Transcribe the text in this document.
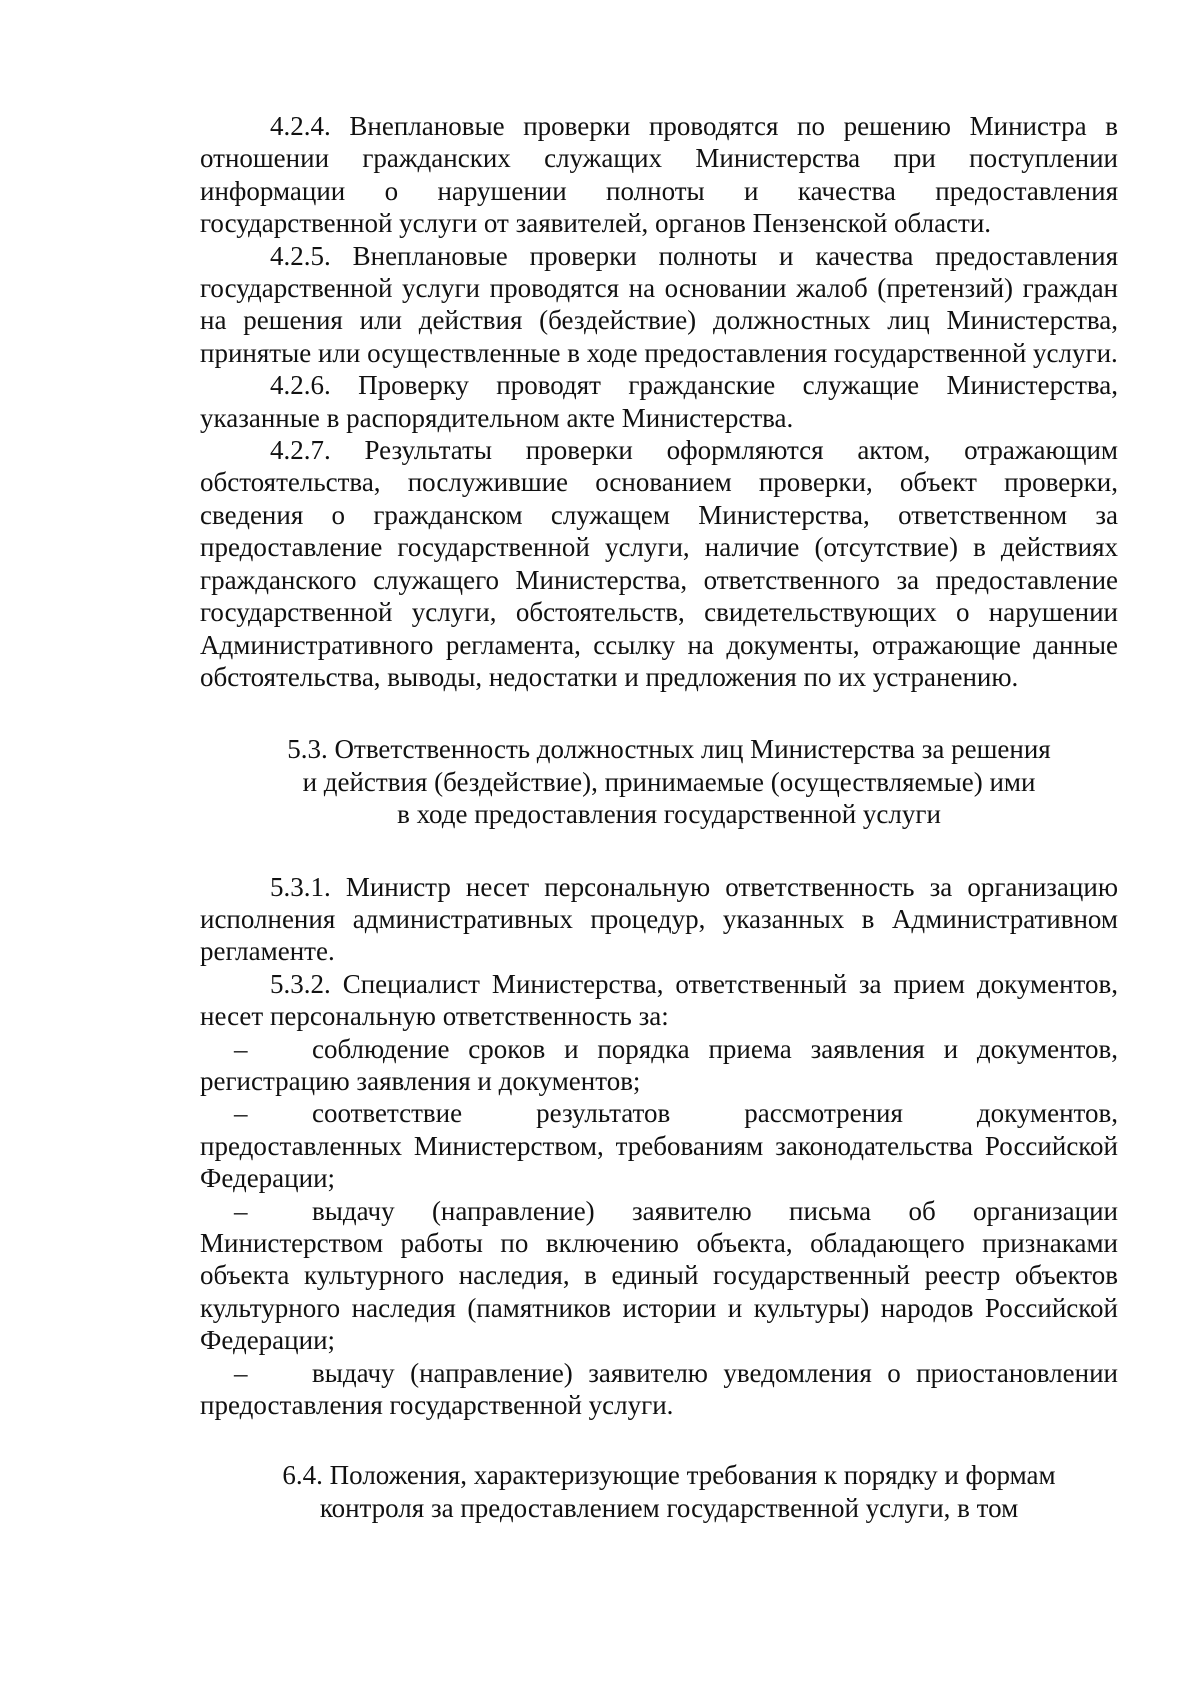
4.2.4. Внеплановые проверки проводятся по решению Министра в отношении гражданских служащих Министерства при поступлении информации о нарушении полноты и качества предоставления государственной услуги от заявителей, органов Пензенской области.

4.2.5. Внеплановые проверки полноты и качества предоставления государственной услуги проводятся на основании жалоб (претензий) граждан на решения или действия (бездействие) должностных лиц Министерства, принятые или осуществленные в ходе предоставления государственной услуги.

4.2.6. Проверку проводят гражданские служащие Министерства, указанные в распорядительном акте Министерства.

4.2.7. Результаты проверки оформляются актом, отражающим обстоятельства, послужившие основанием проверки, объект проверки, сведения о гражданском служащем Министерства, ответственном за предоставление государственной услуги, наличие (отсутствие) в действиях гражданского служащего Министерства, ответственного за предоставление государственной услуги, обстоятельств, свидетельствующих о нарушении Административного регламента, ссылку на документы, отражающие данные обстоятельства, выводы, недостатки и предложения по их устранению.

5.3. Ответственность должностных лиц Министерства за решения
и действия (бездействие), принимаемые (осуществляемые) ими
в ходе предоставления государственной услуги

5.3.1. Министр несет персональную ответственность за организацию исполнения административных процедур, указанных в Административном регламенте.

5.3.2. Специалист Министерства, ответственный за прием документов, несет персональную ответственность за:

– соблюдение сроков и порядка приема заявления и документов, регистрацию заявления и документов;

– соответствие результатов рассмотрения документов, предоставленных Министерством, требованиям законодательства Российской Федерации;

– выдачу (направление) заявителю письма об организации Министерством работы по включению объекта, обладающего признаками объекта культурного наследия, в единый государственный реестр объектов культурного наследия (памятников истории и культуры) народов Российской Федерации;

– выдачу (направление) заявителю уведомления о приостановлении предоставления государственной услуги.

6.4. Положения, характеризующие требования к порядку и формам
контроля за предоставлением государственной услуги, в том
